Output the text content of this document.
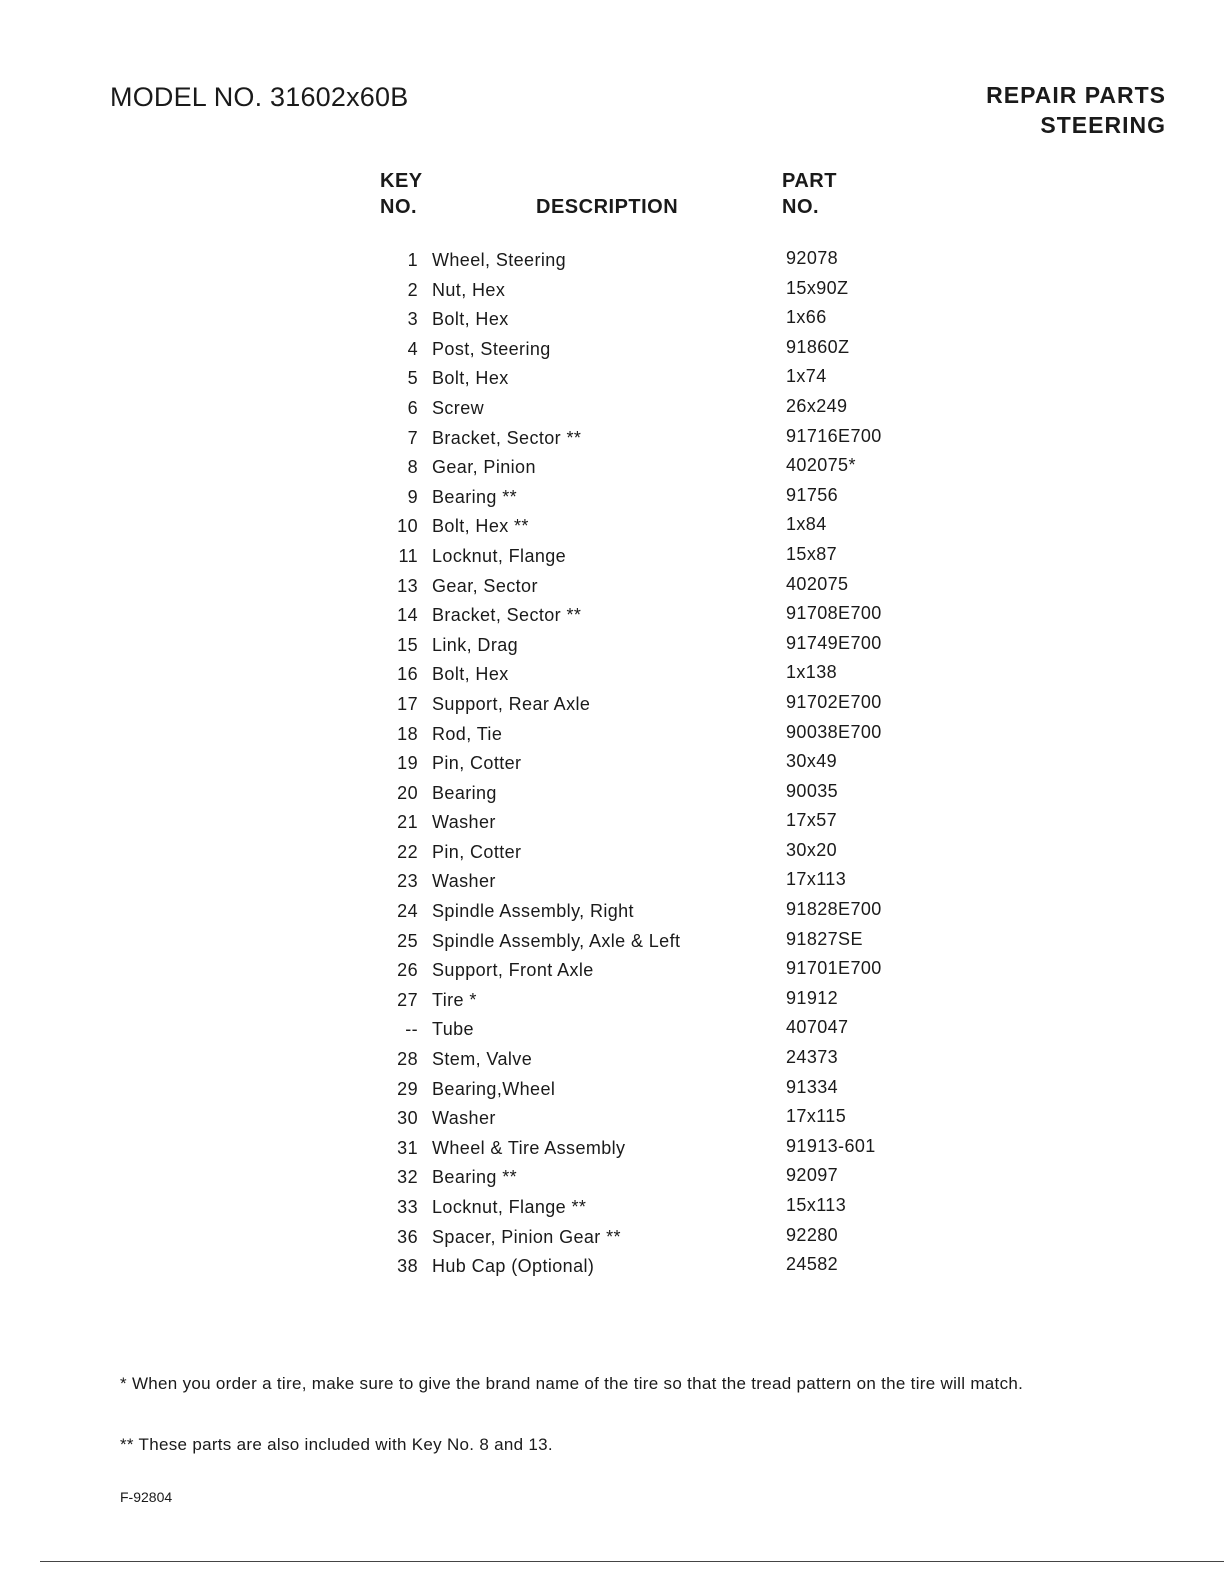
MODEL NO. 31602x60B	REPAIR PARTS
STEERING
KEY
NO.	DESCRIPTION
PART
NO.
1 Wheel, Steering	92078
2 Nut, Hex	15x90Z
3 Bolt, Hex	1x66
4 Post, Steering	91860Z
5 Bolt, Hex	1x74
6 Screw	26x249
7 Bracket, Sector **	91716E700
8 Gear, Pinion	402075*
9 Bearing **	91756
10 Bolt, Hex **	1x84
11 Locknut, Flange	15x87
13 Gear, Sector	402075
14 Bracket, Sector **	91708E700
15 Link, Drag	91749E700
16 Bolt, Hex	1x138
17 Support, Rear Axle	91702E700
18 Rod, Tie	90038E700
19 Pin, Cotter	30x49
20 Bearing	90035
21 Washer	17x57
22 Pin, Cotter	30x20
23 Washer	17x113
24 Spindle Assembly, Right	91828E700
25 Spindle Assembly, Axle & Left	91827SE
26 Support, Front Axle	91701E700
27 Tire *	91912
-- Tube	407047
28 Stem, Valve	24373
29 Bearing,Wheel	91334
30 Washer	17x115
31 Wheel & Tire Assembly	91913-601
32 Bearing **	92097
33 Locknut, Flange **	15x113
36 Spacer, Pinion Gear **	92280
38 Hub Cap (Optional)	24582
* When you order a tire, make sure to give the brand name of the tire so that the tread pattern on the tire will match.
** These parts are also included with Key No. 8 and 13.
F-92804
